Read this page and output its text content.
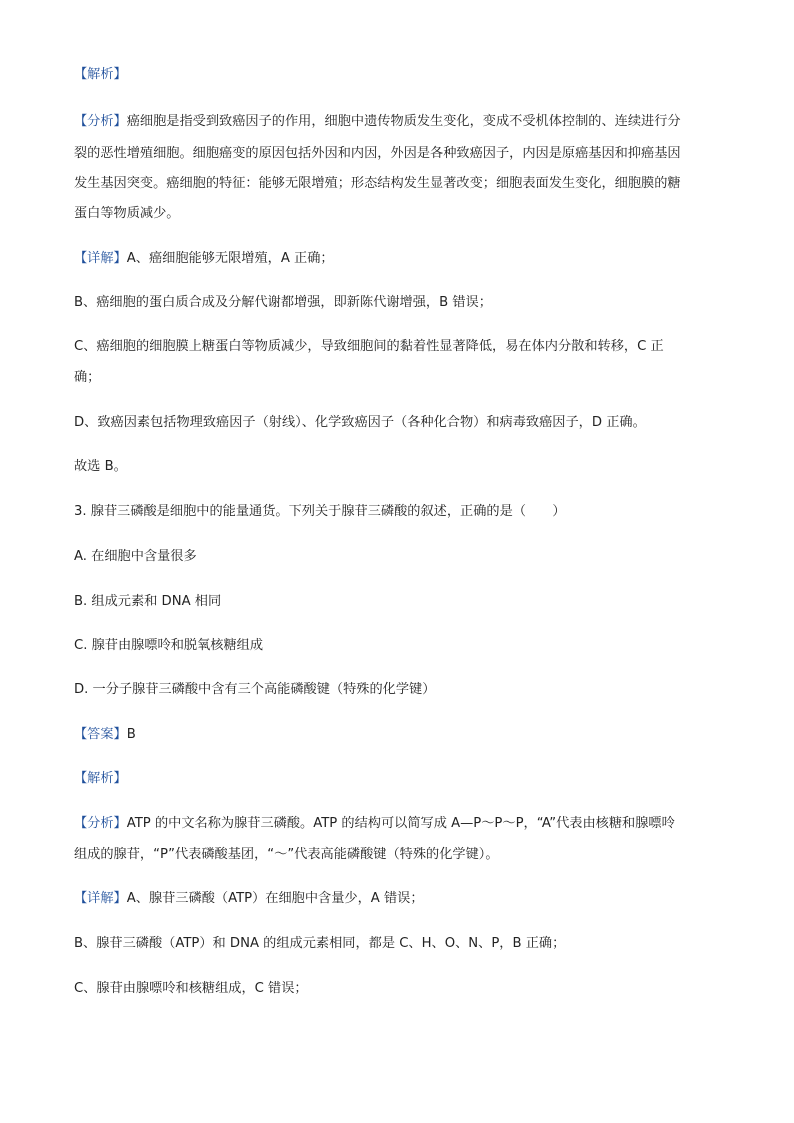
【解析】
【分析】癌细胞是指受到致癌因子的作用，细胞中遗传物质发生变化，变成不受机体控制的、连续进行分
裂的恶性增殖细胞。细胞癌变的原因包括外因和内因，外因是各种致癌因子，内因是原癌基因和抑癌基因
发生基因突变。癌细胞的特征：能够无限增殖；形态结构发生显著改变；细胞表面发生变化，细胞膜的糖
蛋白等物质减少。
【详解】A、癌细胞能够无限增殖，A 正确；
B、癌细胞的蛋白质合成及分解代谢都增强，即新陈代谢增强，B 错误；
C、癌细胞的细胞膜上糖蛋白等物质减少，导致细胞间的黏着性显著降低，易在体内分散和转移，C 正
确；
D、致癌因素包括物理致癌因子（射线）、化学致癌因子（各种化合物）和病毒致癌因子，D 正确。
故选 B。
3. 腺苷三磷酸是细胞中的能量通货。下列关于腺苷三磷酸的叙述，正确的是（　　）
A. 在细胞中含量很多
B. 组成元素和 DNA 相同
C. 腺苷由腺嘌呤和脱氧核糖组成
D. 一分子腺苷三磷酸中含有三个高能磷酸键（特殊的化学键）
【答案】B
【解析】
【分析】ATP 的中文名称为腺苷三磷酸。ATP 的结构可以简写成 A—P～P～P，“A”代表由核糖和腺嘌呤
组成的腺苷，“P”代表磷酸基团，“～”代表高能磷酸键（特殊的化学键）。
【详解】A、腺苷三磷酸（ATP）在细胞中含量少，A 错误；
B、腺苷三磷酸（ATP）和 DNA 的组成元素相同，都是 C、H、O、N、P，B 正确；
C、腺苷由腺嘌呤和核糖组成，C 错误；
